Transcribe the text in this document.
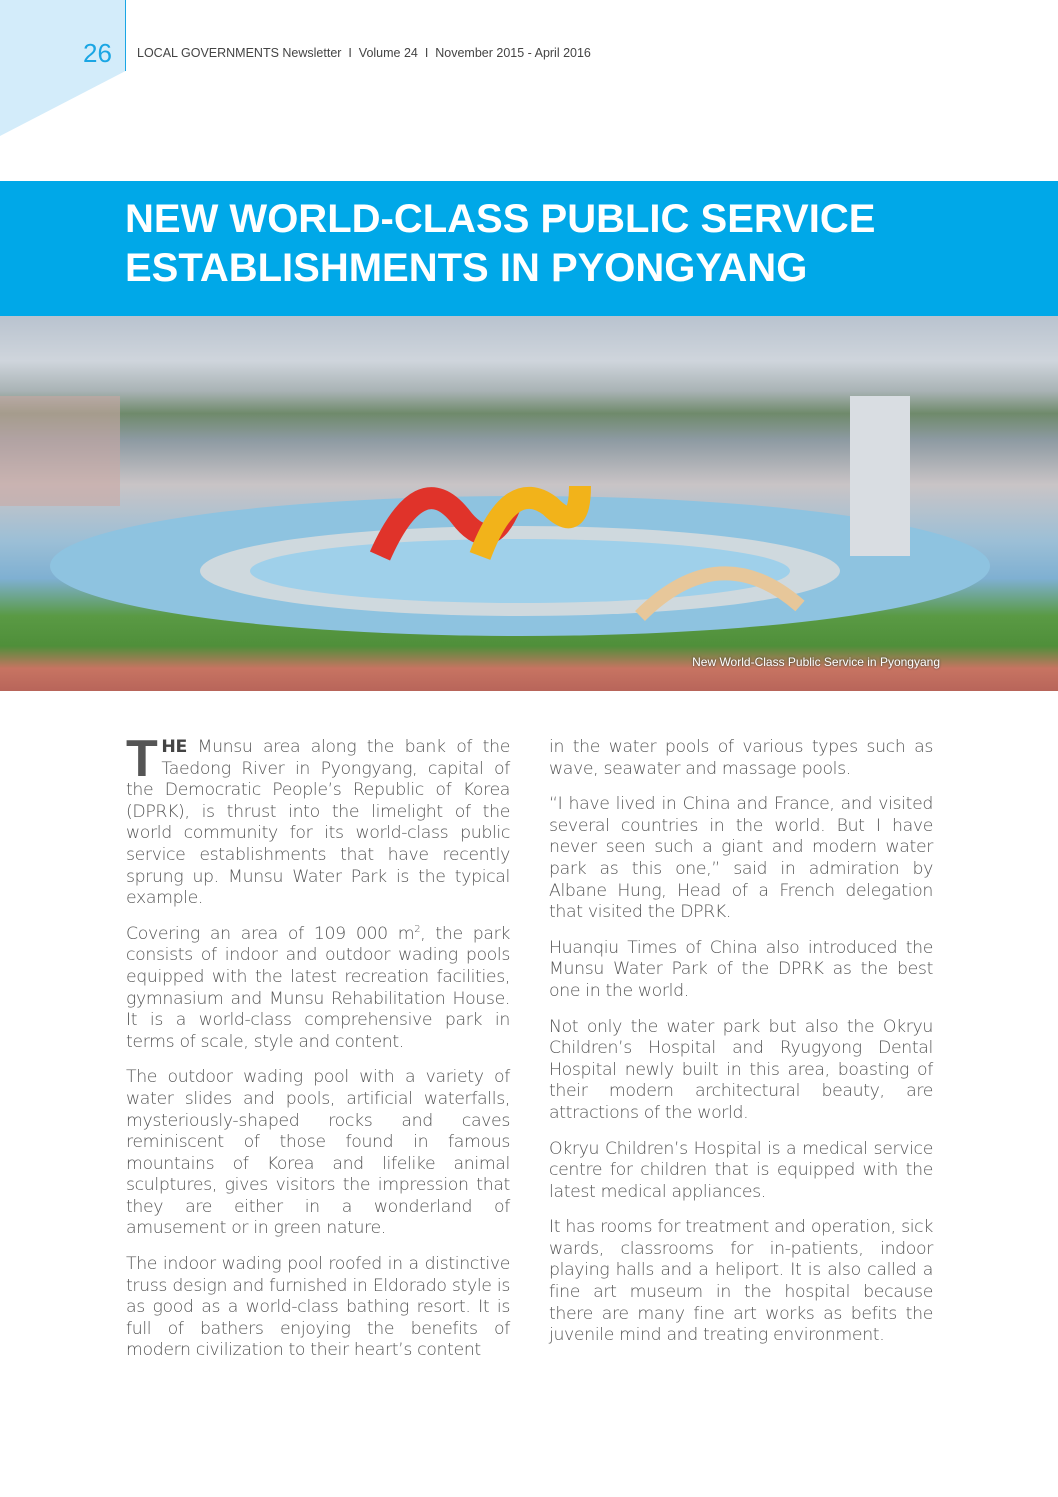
26 LOCAL GOVERNMENTS Newsletter  I  Volume 24  I  November 2015 - April 2016
NEW WORLD-CLASS PUBLIC SERVICE
ESTABLISHMENTS IN PYONGYANG
New World-Class Public Service in Pyongyang

THE Munsu area along the bank of the Taedong River in Pyongyang, capital of the Democratic People’s Republic of Korea (DPRK), is thrust into the limelight of the world community for its world-class public service establishments that have recently sprung up. Munsu Water Park is the typical example.

Covering an area of 109 000 $m^2$, the park consists of indoor and outdoor wading pools equipped with the latest recreation facilities, gymnasium and Munsu Rehabilitation House. It is a world-class comprehensive park in terms of scale, style and content.

The outdoor wading pool with a variety of water slides and pools, artificial waterfalls, mysteriously-shaped rocks and caves reminiscent of those found in famous mountains of Korea and lifelike animal sculptures, gives visitors the impression that they are either in a wonderland of amusement or in green nature.

The indoor wading pool roofed in a distinctive truss design and furnished in Eldorado style is as good as a world-class bathing resort. It is full of bathers enjoying the benefits of modern civilization to their heart’s content

in the water pools of various types such as wave, seawater and massage pools.

“I have lived in China and France, and visited several countries in the world. But I have never seen such a giant and modern water park as this one,” said in admiration by Albane Hung, Head of a French delegation that visited the DPRK.

Huanqiu Times of China also introduced the Munsu Water Park of the DPRK as the best one in the world.

Not only the water park but also the Okryu Children’s Hospital and Ryugyong Dental Hospital newly built in this area, boasting of their modern architectural beauty, are attractions of the world.

Okryu Children’s Hospital is a medical service centre for children that is equipped with the latest medical appliances.

It has rooms for treatment and operation, sick wards, classrooms for in-patients, indoor playing halls and a heliport. It is also called a fine art museum in the hospital because there are many fine art works as befits the juvenile mind and treating environment.
